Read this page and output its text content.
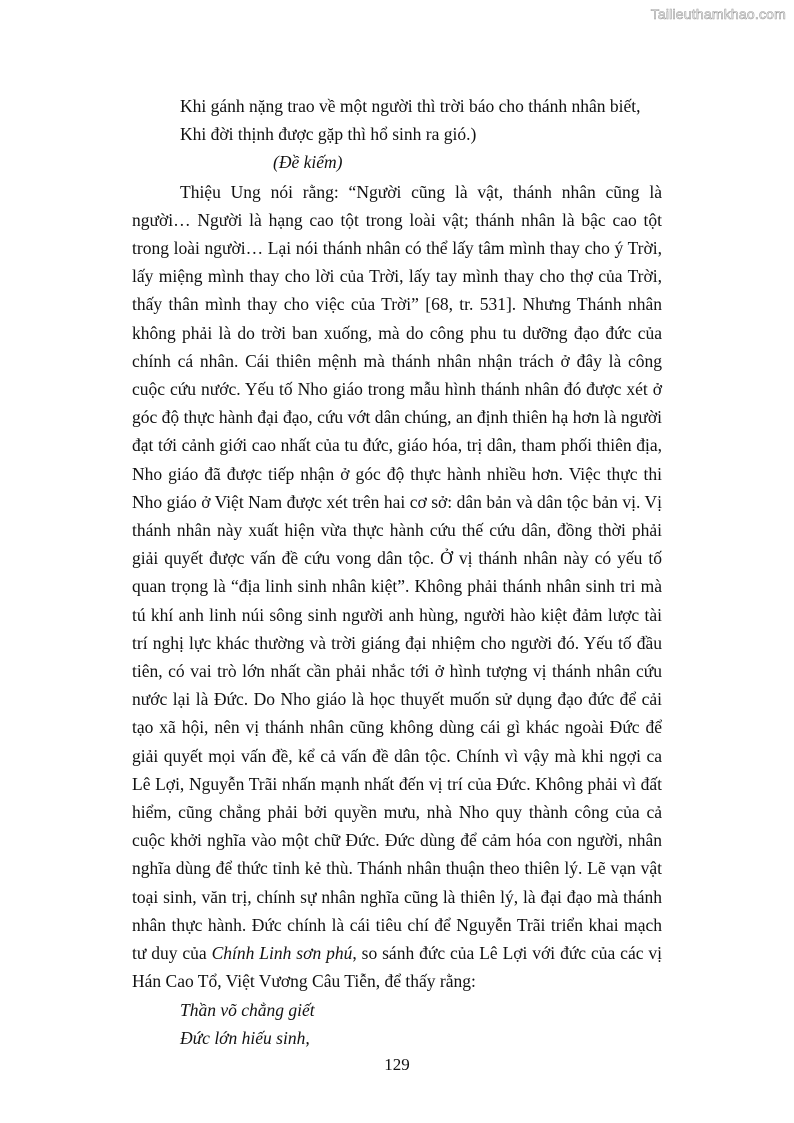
Tailieuthamkhao.com
Khi gánh nặng trao về một người thì trời báo cho thánh nhân biết,
Khi đời thịnh được gặp thì hổ sinh ra gió.)
(Đề kiếm)

Thiệu Ung nói rằng: “Người cũng là vật, thánh nhân cũng là người… Người là hạng cao tột trong loài vật; thánh nhân là bậc cao tột trong loài người… Lại nói thánh nhân có thể lấy tâm mình thay cho ý Trời, lấy miệng mình thay cho lời của Trời, lấy tay mình thay cho thợ của Trời, thấy thân mình thay cho việc của Trời” [68, tr. 531]. Nhưng Thánh nhân không phải là do trời ban xuống, mà do công phu tu dưỡng đạo đức của chính cá nhân. Cái thiên mệnh mà thánh nhân nhận trách ở đây là công cuộc cứu nước. Yếu tố Nho giáo trong mẫu hình thánh nhân đó được xét ở góc độ thực hành đại đạo, cứu vớt dân chúng, an định thiên hạ hơn là người đạt tới cảnh giới cao nhất của tu đức, giáo hóa, trị dân, tham phối thiên địa, Nho giáo đã được tiếp nhận ở góc độ thực hành nhiều hơn. Việc thực thi Nho giáo ở Việt Nam được xét trên hai cơ sở: dân bản và dân tộc bản vị. Vị thánh nhân này xuất hiện vừa thực hành cứu thế cứu dân, đồng thời phải giải quyết được vấn đề cứu vong dân tộc. Ở vị thánh nhân này có yếu tố quan trọng là “địa linh sinh nhân kiệt”. Không phải thánh nhân sinh tri mà tú khí anh linh núi sông sinh người anh hùng, người hào kiệt đảm lược tài trí nghị lực khác thường và trời giáng đại nhiệm cho người đó. Yếu tố đầu tiên, có vai trò lớn nhất cần phải nhắc tới ở hình tượng vị thánh nhân cứu nước lại là Đức. Do Nho giáo là học thuyết muốn sử dụng đạo đức để cải tạo xã hội, nên vị thánh nhân cũng không dùng cái gì khác ngoài Đức để giải quyết mọi vấn đề, kể cả vấn đề dân tộc. Chính vì vậy mà khi ngợi ca Lê Lợi, Nguyễn Trãi nhấn mạnh nhất đến vị trí của Đức. Không phải vì đất hiểm, cũng chẳng phải bởi quyền mưu, nhà Nho quy thành công của cả cuộc khởi nghĩa vào một chữ Đức. Đức dùng để cảm hóa con người, nhân nghĩa dùng để thức tỉnh kẻ thù. Thánh nhân thuận theo thiên lý. Lẽ vạn vật toại sinh, văn trị, chính sự nhân nghĩa cũng là thiên lý, là đại đạo mà thánh nhân thực hành. Đức chính là cái tiêu chí để Nguyễn Trãi triển khai mạch tư duy của Chính Linh sơn phú, so sánh đức của Lê Lợi với đức của các vị Hán Cao Tổ, Việt Vương Câu Tiễn, để thấy rằng:

Thần võ chẳng giết
Đức lớn hiếu sinh,
129
